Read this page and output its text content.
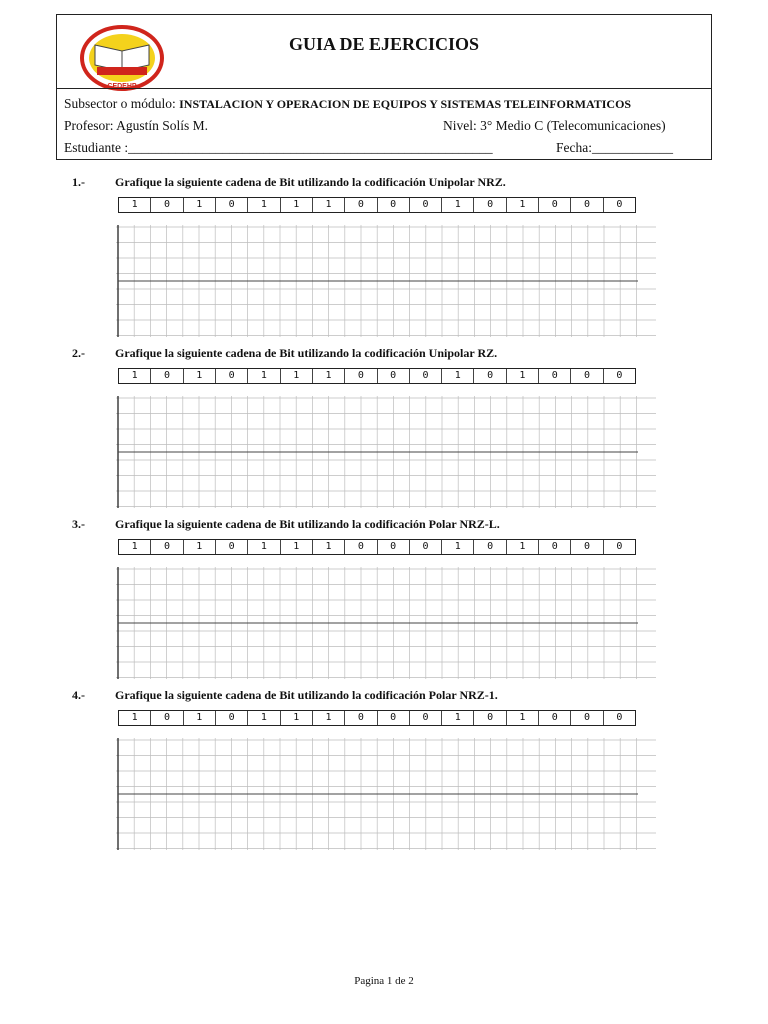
CEDEHP
GUIA DE EJERCICIOS
Subsector o módulo: INSTALACION Y OPERACION DE EQUIPOS Y SISTEMAS TELEINFORMATICOS
Profesor: Agustín Solís M.	Nivel: 3° Medio C (Telecomunicaciones)
Estudiante :______________________________________________________	Fecha:____________
1.-	Grafique la siguiente cadena de Bit utilizando la codificación Unipolar NRZ.
1	0	1	0	1	1	1	0	0	0	1	0	1	0	0	0
2.-	Grafique la siguiente cadena de Bit utilizando la codificación Unipolar RZ.
1	0	1	0	1	1	1	0	0	0	1	0	1	0	0	0
3.-	Grafique la siguiente cadena de Bit utilizando la codificación Polar NRZ-L.
1	0	1	0	1	1	1	0	0	0	1	0	1	0	0	0
4.-	Grafique la siguiente cadena de Bit utilizando la codificación Polar NRZ-1.
1	0	1	0	1	1	1	0	0	0	1	0	1	0	0	0
Pagina 1 de 2
